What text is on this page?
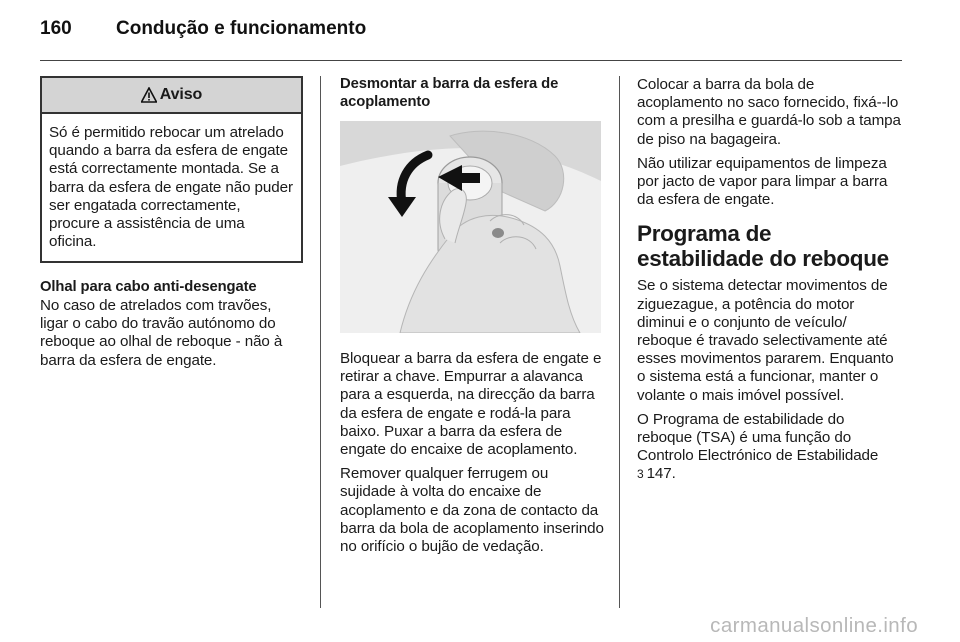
160	Condução e funcionamento
Aviso
Só é permitido rebocar um atrelado quando a barra da esfera de engate está correctamente montada. Se a barra da esfera de engate não puder ser engatada correctamente, procure a assistência de uma oficina.
Olhal para cabo anti-desengate

No caso de atrelados com travões, ligar o cabo do travão autónomo do reboque ao olhal de reboque - não à barra da esfera de engate.

Desmontar a barra da esfera de acoplamento

Bloquear a barra da esfera de engate e retirar a chave. Empurrar a alavanca para a esquerda, na direcção da barra da esfera de engate e rodá-la para baixo. Puxar a barra da esfera de engate do encaixe de acoplamento.

Remover qualquer ferrugem ou sujidade à volta do encaixe de acoplamento e da zona de contacto da barra da bola de acoplamento inserindo no orifício o bujão de vedação.

Colocar a barra da bola de acoplamento no saco fornecido, fixá--lo com a presilha e guardá-lo sob a tampa de piso na bagageira.

Não utilizar equipamentos de limpeza por jacto de vapor para limpar a barra da esfera de engate.

Programa de estabilidade do reboque

Se o sistema detectar movimentos de ziguezague, a potência do motor diminui e o conjunto de veículo/ reboque é travado selectivamente até esses movimentos pararem. Enquanto o sistema está a funcionar, manter o volante o mais imóvel possível.

O Programa de estabilidade do reboque (TSA) é uma função do Controlo Electrónico de Estabilidade
3 147.

carmanualsonline.info
